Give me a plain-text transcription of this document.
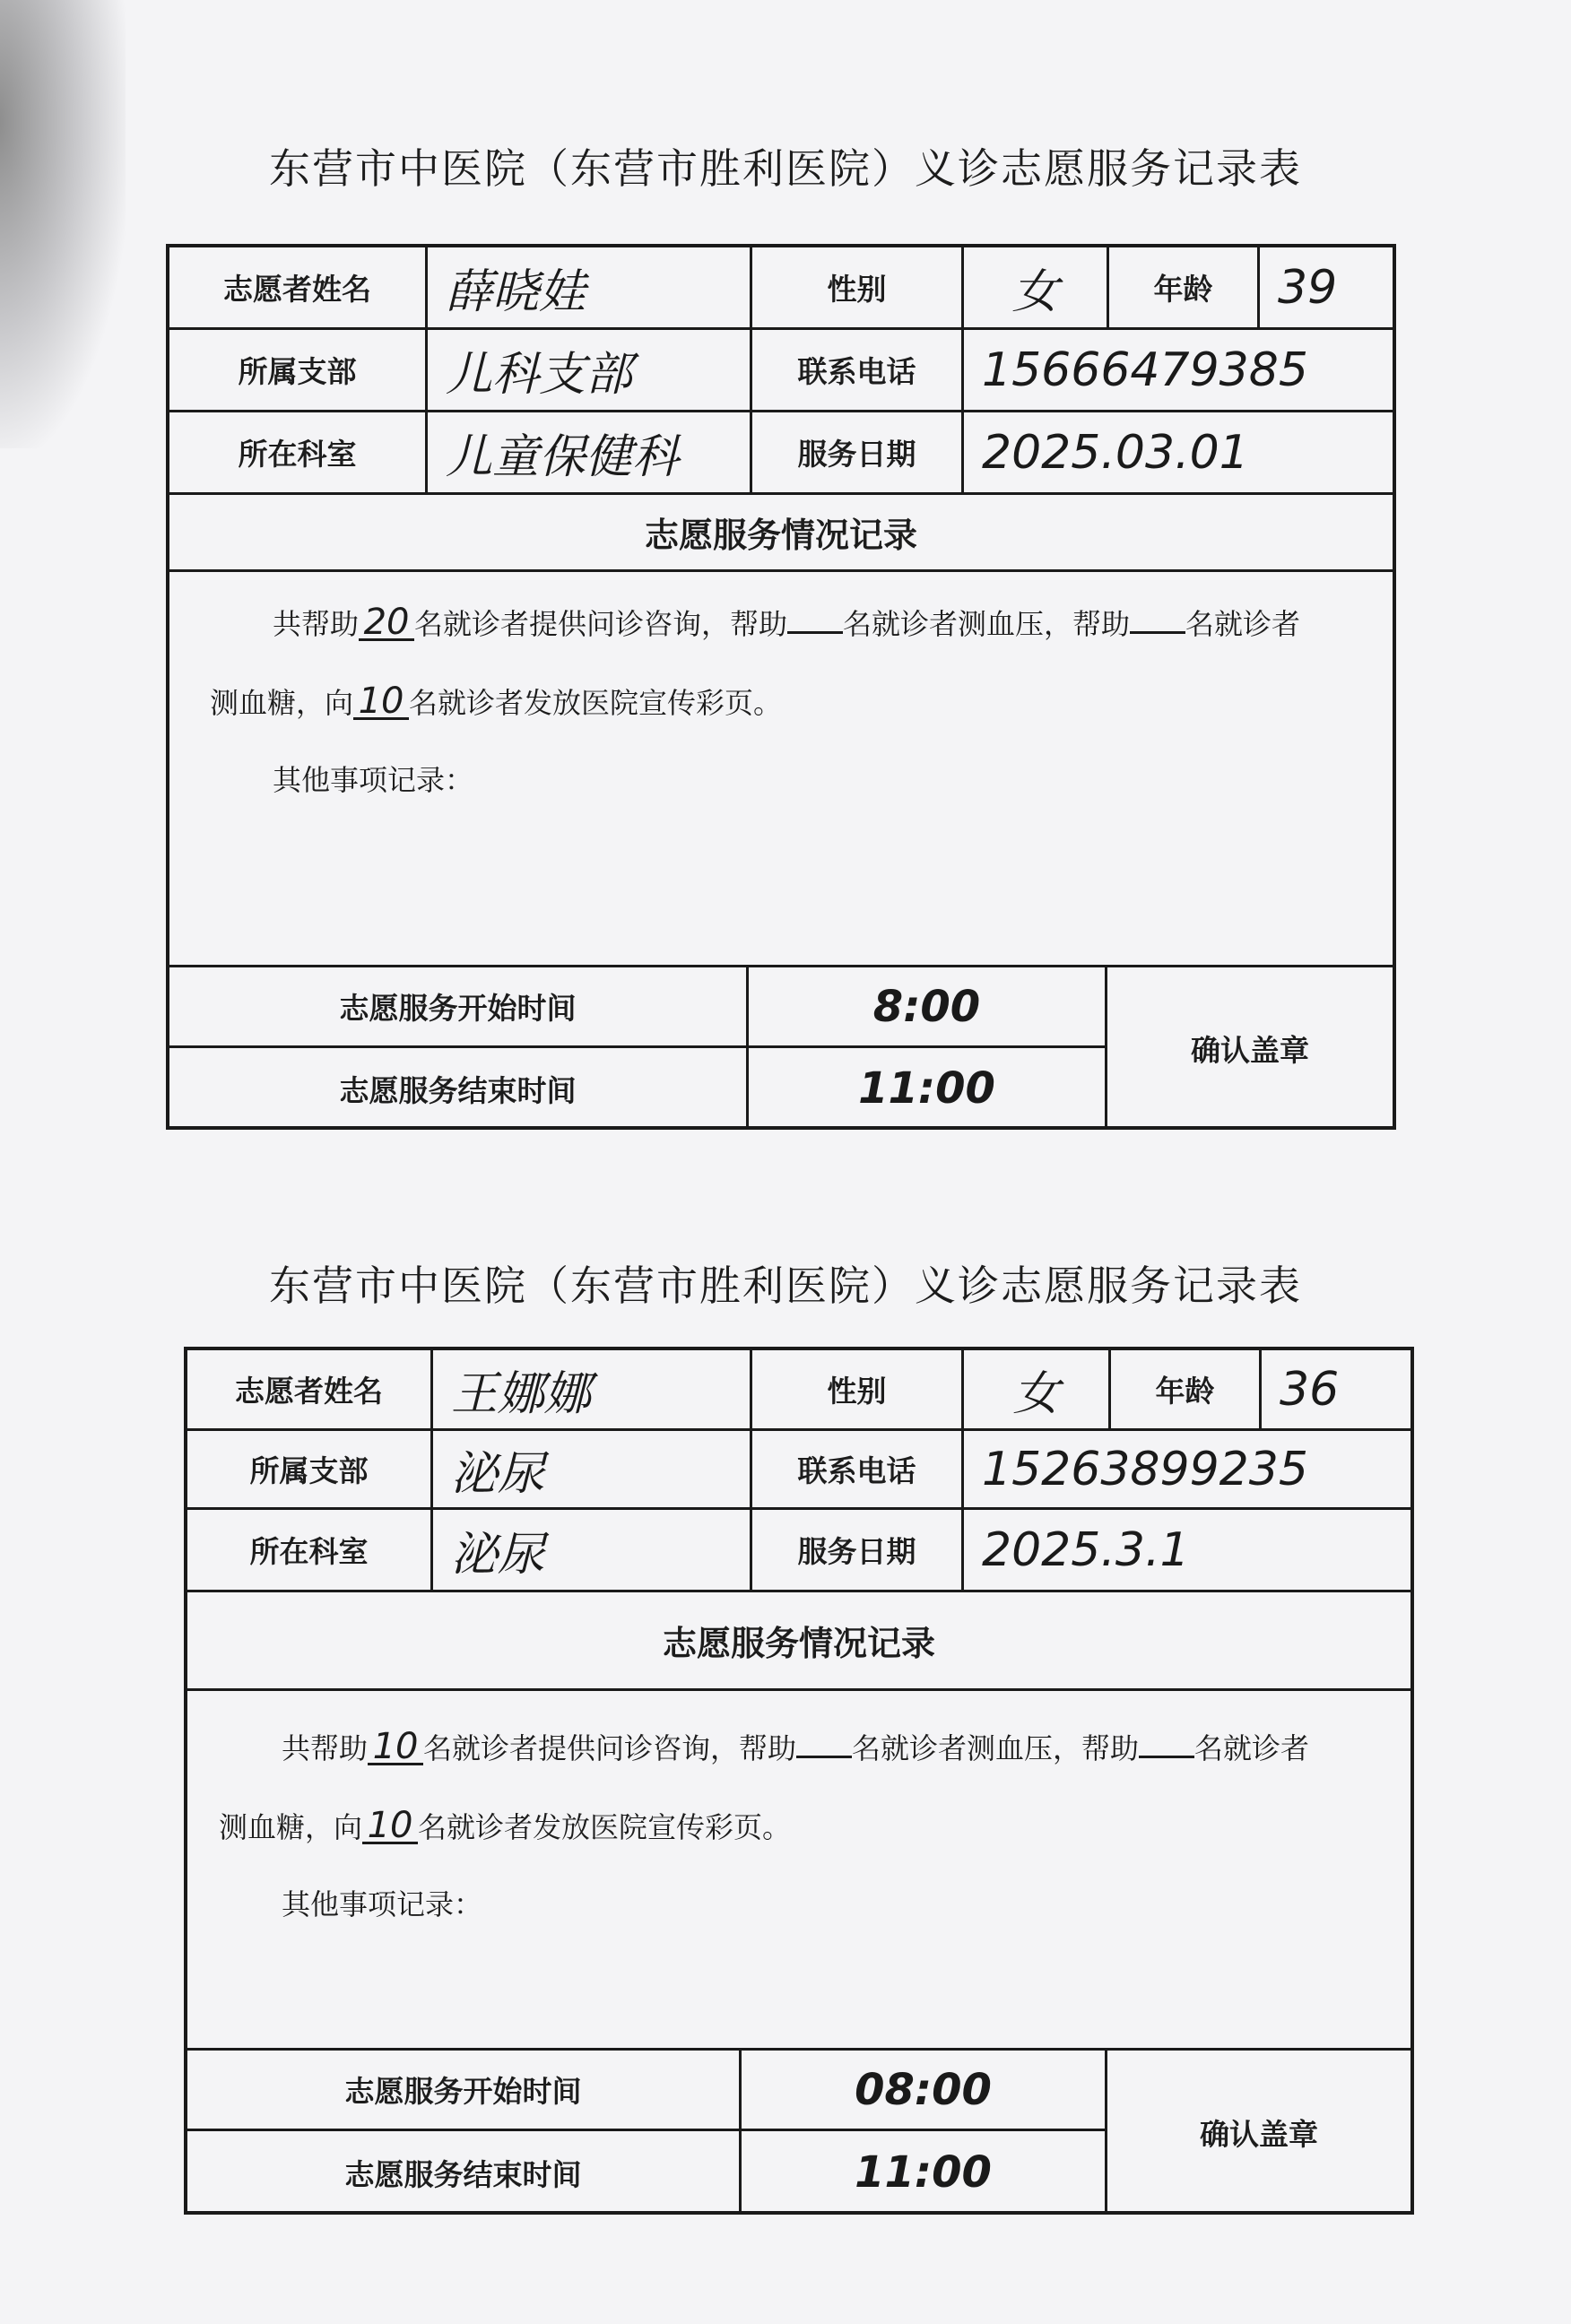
东营市中医院（东营市胜利医院）义诊志愿服务记录表
志愿者姓名	薛晓娃	性别	女	年龄	39
所属支部	儿科支部	联系电话	15666479385
所在科室	儿童保健科	服务日期	2025.03.01
志愿服务情况记录
共帮助 20 名就诊者提供问诊咨询，帮助 名就诊者测血压，帮助 名就诊者
测血糖，向 10 名就诊者发放医院宣传彩页。
其他事项记录：
志愿服务开始时间	8:00
志愿服务结束时间	11:00
确认盖章
东营市中医院（东营市胜利医院）义诊志愿服务记录表
志愿者姓名	王娜娜	性别	女	年龄	36
所属支部	泌尿	联系电话	15263899235
所在科室	泌尿	服务日期	2025.3.1
志愿服务情况记录
共帮助 10 名就诊者提供问诊咨询，帮助 名就诊者测血压，帮助 名就诊者
测血糖，向 10 名就诊者发放医院宣传彩页。
其他事项记录：
志愿服务开始时间	08:00
志愿服务结束时间	11:00
确认盖章
